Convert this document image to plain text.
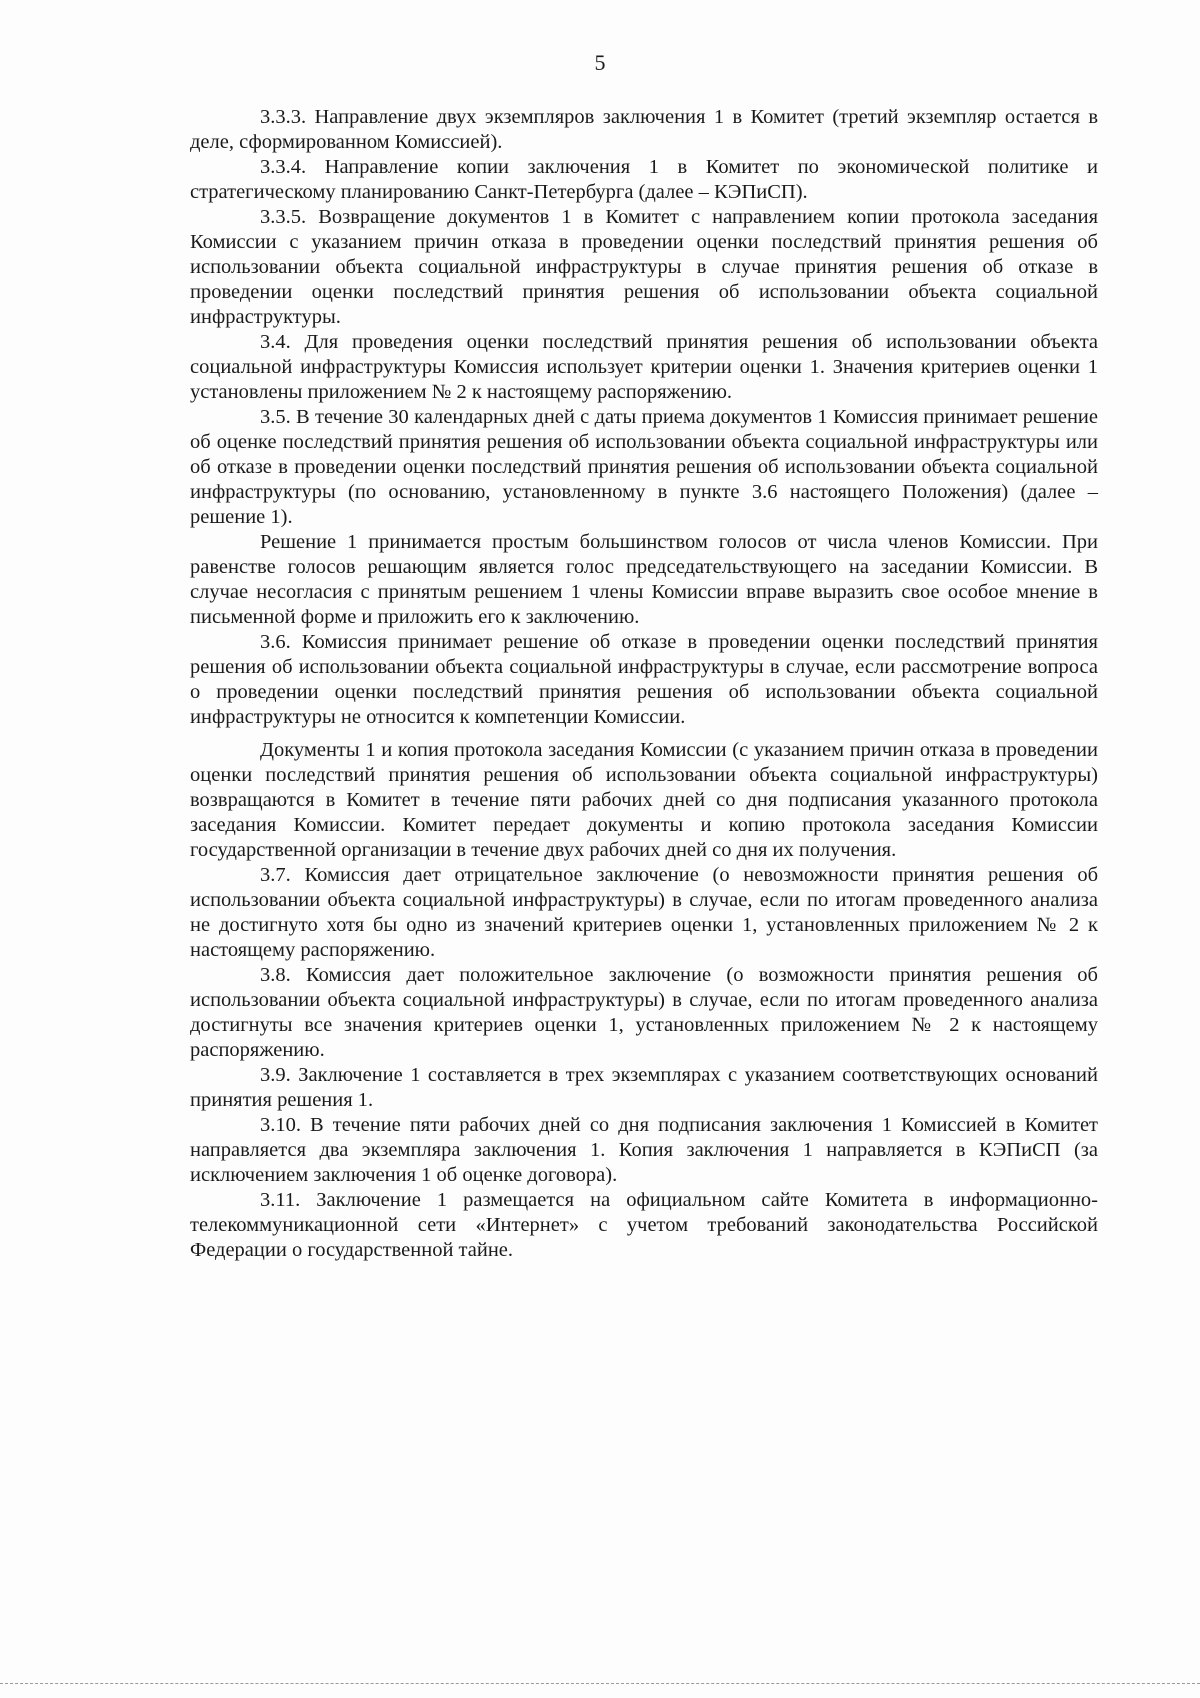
5

3.3.3. Направление двух экземпляров заключения 1 в Комитет (третий экземпляр остается в деле, сформированном Комиссией).

3.3.4. Направление копии заключения 1 в Комитет по экономической политике и стратегическому планированию Санкт-Петербурга (далее – КЭПиСП).

3.3.5. Возвращение документов 1 в Комитет с направлением копии протокола заседания Комиссии с указанием причин отказа в проведении оценки последствий принятия решения об использовании объекта социальной инфраструктуры в случае принятия решения об отказе в проведении оценки последствий принятия решения об использовании объекта социальной инфраструктуры.

3.4. Для проведения оценки последствий принятия решения об использовании объекта социальной инфраструктуры Комиссия использует критерии оценки 1. Значения критериев оценки 1 установлены приложением № 2 к настоящему распоряжению.

3.5. В течение 30 календарных дней с даты приема документов 1 Комиссия принимает решение об оценке последствий принятия решения об использовании объекта социальной инфраструктуры или об отказе в проведении оценки последствий принятия решения об использовании объекта социальной инфраструктуры (по основанию, установленному в пункте 3.6 настоящего Положения) (далее – решение 1).

Решение 1 принимается простым большинством голосов от числа членов Комиссии. При равенстве голосов решающим является голос председательствующего на заседании Комиссии. В случае несогласия с принятым решением 1 члены Комиссии вправе выразить свое особое мнение в письменной форме и приложить его к заключению.

3.6. Комиссия принимает решение об отказе в проведении оценки последствий принятия решения об использовании объекта социальной инфраструктуры в случае, если рассмотрение вопроса о проведении оценки последствий принятия решения об использовании объекта социальной инфраструктуры не относится к компетенции Комиссии.

Документы 1 и копия протокола заседания Комиссии (с указанием причин отказа в проведении оценки последствий принятия решения об использовании объекта социальной инфраструктуры) возвращаются в Комитет в течение пяти рабочих дней со дня подписания указанного протокола заседания Комиссии. Комитет передает документы и копию протокола заседания Комиссии государственной организации в течение двух рабочих дней со дня их получения.

3.7. Комиссия дает отрицательное заключение (о невозможности принятия решения об использовании объекта социальной инфраструктуры) в случае, если по итогам проведенного анализа не достигнуто хотя бы одно из значений критериев оценки 1, установленных приложением № 2 к настоящему распоряжению.

3.8. Комиссия дает положительное заключение (о возможности принятия решения об использовании объекта социальной инфраструктуры) в случае, если по итогам проведенного анализа достигнуты все значения критериев оценки 1, установленных приложением № 2 к настоящему распоряжению.

3.9. Заключение 1 составляется в трех экземплярах с указанием соответствующих оснований принятия решения 1.

3.10. В течение пяти рабочих дней со дня подписания заключения 1 Комиссией в Комитет направляется два экземпляра заключения 1. Копия заключения 1 направляется в КЭПиСП (за исключением заключения 1 об оценке договора).

3.11. Заключение 1 размещается на официальном сайте Комитета в информационно-телекоммуникационной сети «Интернет» с учетом требований законодательства Российской Федерации о государственной тайне.
